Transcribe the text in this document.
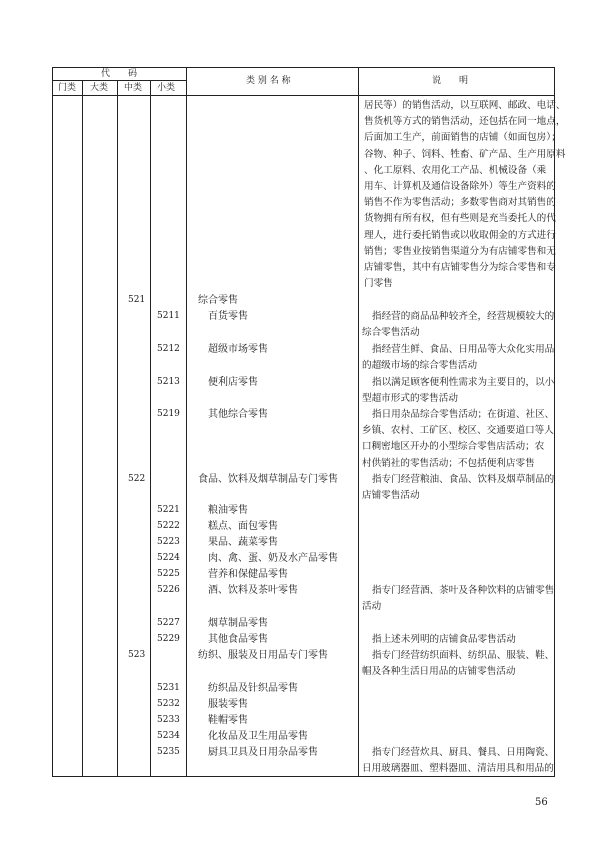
代　　码
门类 大类 中类 小类
类 别 名 称	说　　明
居民等）的销售活动，以互联网、邮政、电话、
售货机等方式的销售活动，还包括在同一地点，
后面加工生产，前面销售的店铺（如面包房）；
谷物、种子、饲料、牲畜、矿产品、生产用原料
、化工原料、农用化工产品、机械设备（乘
用车、计算机及通信设备除外）等生产资料的
销售不作为零售活动；多数零售商对其销售的
货物拥有所有权，但有些则是充当委托人的代
理人，进行委托销售或以收取佣金的方式进行
销售；零售业按销售渠道分为有店铺零售和无
店铺零售，其中有店铺零售分为综合零售和专
门零售
521	综合零售
5211	百货零售	指经营的商品品种较齐全，经营规模较大的
综合零售活动
5212	超级市场零售	指经营生鲜、食品、日用品等大众化实用品
的超级市场的综合零售活动
5213	便利店零售	指以满足顾客便利性需求为主要目的，以小
型超市形式的零售活动
5219	其他综合零售	指日用杂品综合零售活动；在街道、社区、
乡镇、农村、工矿区、校区、交通要道口等人
口稠密地区开办的小型综合零售店活动；农
村供销社的零售活动；不包括便利店零售
522	食品、饮料及烟草制品专门零售	指专门经营粮油、食品、饮料及烟草制品的
店铺零售活动
5221	粮油零售
5222	糕点、面包零售
5223	果品、蔬菜零售
5224	肉、禽、蛋、奶及水产品零售
5225	营养和保健品零售
5226	酒、饮料及茶叶零售	指专门经营酒、茶叶及各种饮料的店铺零售
活动
5227	烟草制品零售
5229	其他食品零售	指上述未列明的店铺食品零售活动
523	纺织、服装及日用品专门零售	指专门经营纺织面料、纺织品、服装、鞋、
帽及各种生活日用品的店铺零售活动
5231	纺织品及针织品零售
5232	服装零售
5233	鞋帽零售
5234	化妆品及卫生用品零售
5235	厨具卫具及日用杂品零售	指专门经营炊具、厨具、餐具、日用陶瓷、
日用玻璃器皿、塑料器皿、清洁用具和用品的
56
